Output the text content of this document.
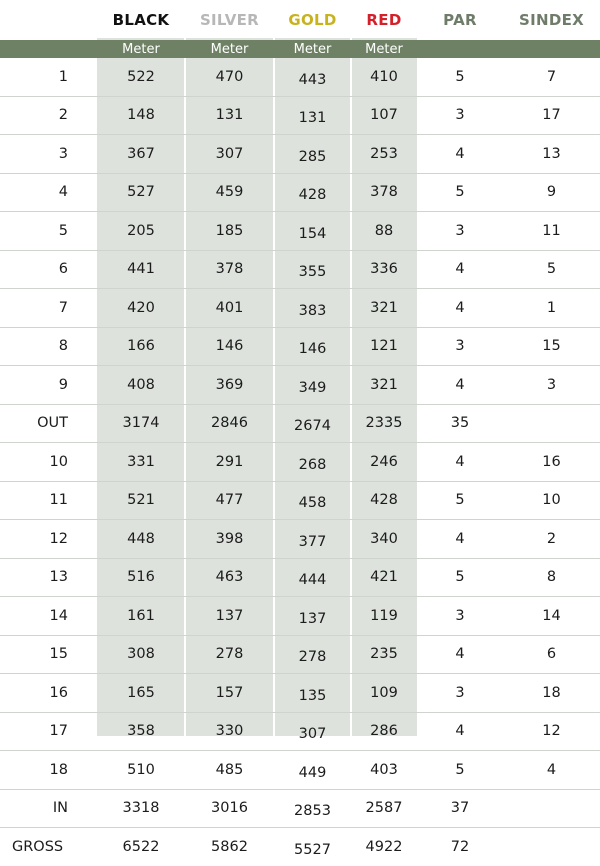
	BLACK	SILVER	GOLD	RED	PAR	SINDEX
	Meter	Meter	Meter	Meter		
1	522	470	443	410	5	7
2	148	131	131	107	3	17
3	367	307	285	253	4	13
4	527	459	428	378	5	9
5	205	185	154	88	3	11
6	441	378	355	336	4	5
7	420	401	383	321	4	1
8	166	146	146	121	3	15
9	408	369	349	321	4	3
OUT	3174	2846	2674	2335	35	
10	331	291	268	246	4	16
11	521	477	458	428	5	10
12	448	398	377	340	4	2
13	516	463	444	421	5	8
14	161	137	137	119	3	14
15	308	278	278	235	4	6
16	165	157	135	109	3	18
17	358	330	307	286	4	12
18	510	485	449	403	5	4
IN	3318	3016	2853	2587	37	
GROSS	6522	5862	5527	4922	72	
